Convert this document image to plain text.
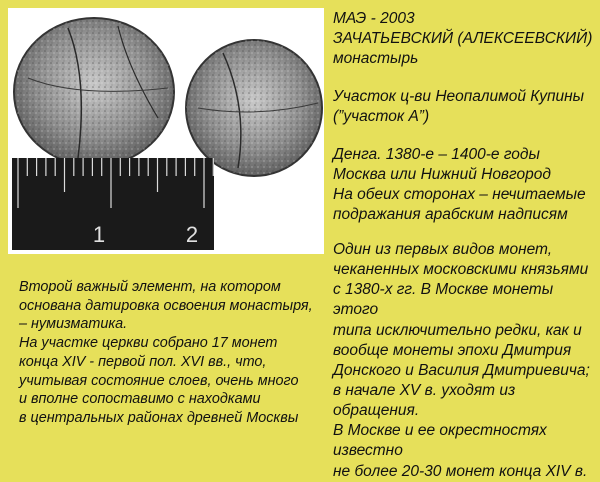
1	2
МАЭ - 2003
ЗАЧАТЬЕВСКИЙ (АЛЕКСЕЕВСКИЙ)
монастырь
Участок ц-ви Неопалимой Купины
(”участок А”)
Денга. 1380-е – 1400-е годы
Москва или Нижний Новгород
На обеих сторонах – нечитаемые
подражания арабским надписям
Один из первых видов монет,
чеканенных московскими князьями
с 1380-х гг. В Москве монеты этого
типа исключительно редки, как и
вообще монеты эпохи Дмитрия
Донского и Василия Дмитриевича;
в начале XV в. уходят из обращения.
В Москве и ее окрестностях известно
не более 20-30 монет конца XIV в.
Второй важный элемент, на котором
основана датировка освоения монастыря,
– нумизматика.
На участке церкви собрано 17 монет
конца XIV - первой пол. XVI вв., что,
учитывая состояние слоев, очень много
и вполне сопоставимо с находками
в центральных районах древней Москвы
